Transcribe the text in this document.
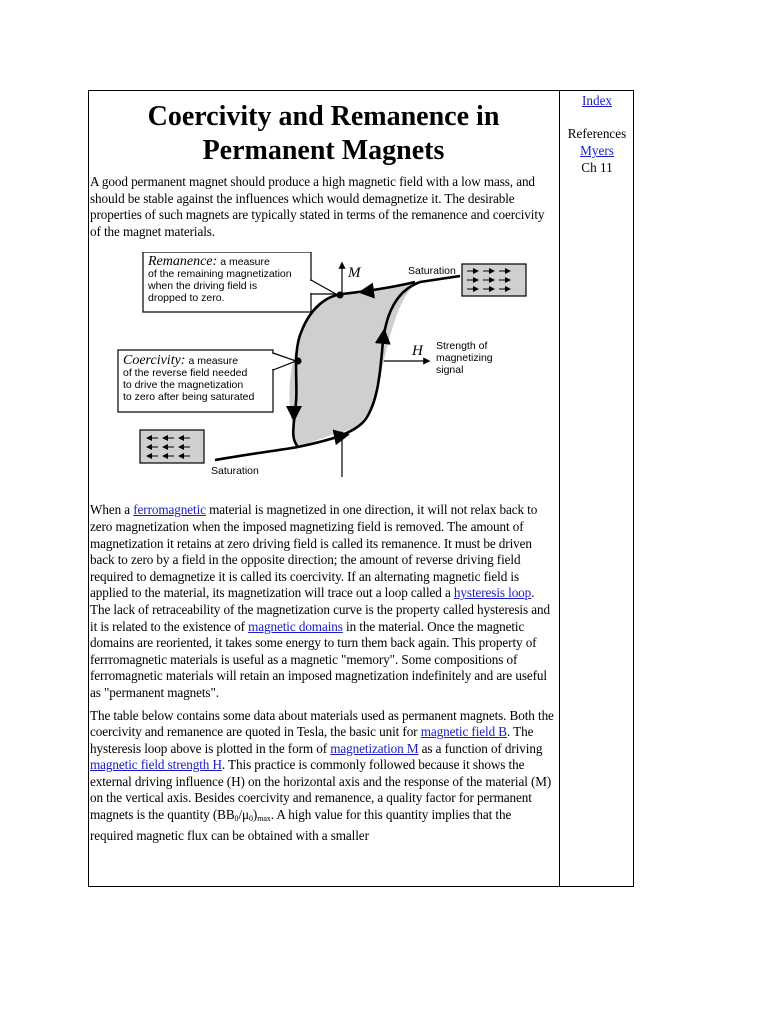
Coercivity and Remanence in Permanent Magnets

A good permanent magnet should produce a high magnetic field with a low mass, and should be stable against the influences which would demagnetize it. The desirable properties of such magnets are typically stated in terms of the remanence and coercivity of the magnet materials.

Remanence: a measure of the remaining magnetization when the driving field is dropped to zero.
Coercivity: a measure of the reverse field needed to drive the magnetization to zero after being saturated
M
H Strength of magnetizing signal
Saturation
Saturation

When a ferromagnetic material is magnetized in one direction, it will not relax back to zero magnetization when the imposed magnetizing field is removed. The amount of magnetization it retains at zero driving field is called its remanence. It must be driven back to zero by a field in the opposite direction; the amount of reverse driving field required to demagnetize it is called its coercivity. If an alternating magnetic field is applied to the material, its magnetization will trace out a loop called a hysteresis loop. The lack of retraceability of the magnetization curve is the property called hysteresis and it is related to the existence of magnetic domains in the material. Once the magnetic domains are reoriented, it takes some energy to turn them back again. This property of ferrromagnetic materials is useful as a magnetic "memory". Some compositions of ferromagnetic materials will retain an imposed magnetization indefinitely and are useful as "permanent magnets".

The table below contains some data about materials used as permanent magnets. Both the coercivity and remanence are quoted in Tesla, the basic unit for magnetic field B. The hysteresis loop above is plotted in the form of magnetization M as a function of driving magnetic field strength H. This practice is commonly followed because it shows the external driving influence (H) on the horizontal axis and the response of the material (M) on the vertical axis. Besides coercivity and remanence, a quality factor for permanent magnets is the quantity $(BB_0/\mu_0)_{max}$. A high value for this quantity implies that the required magnetic flux can be obtained with a smaller

Index
References
Myers
Ch 11
